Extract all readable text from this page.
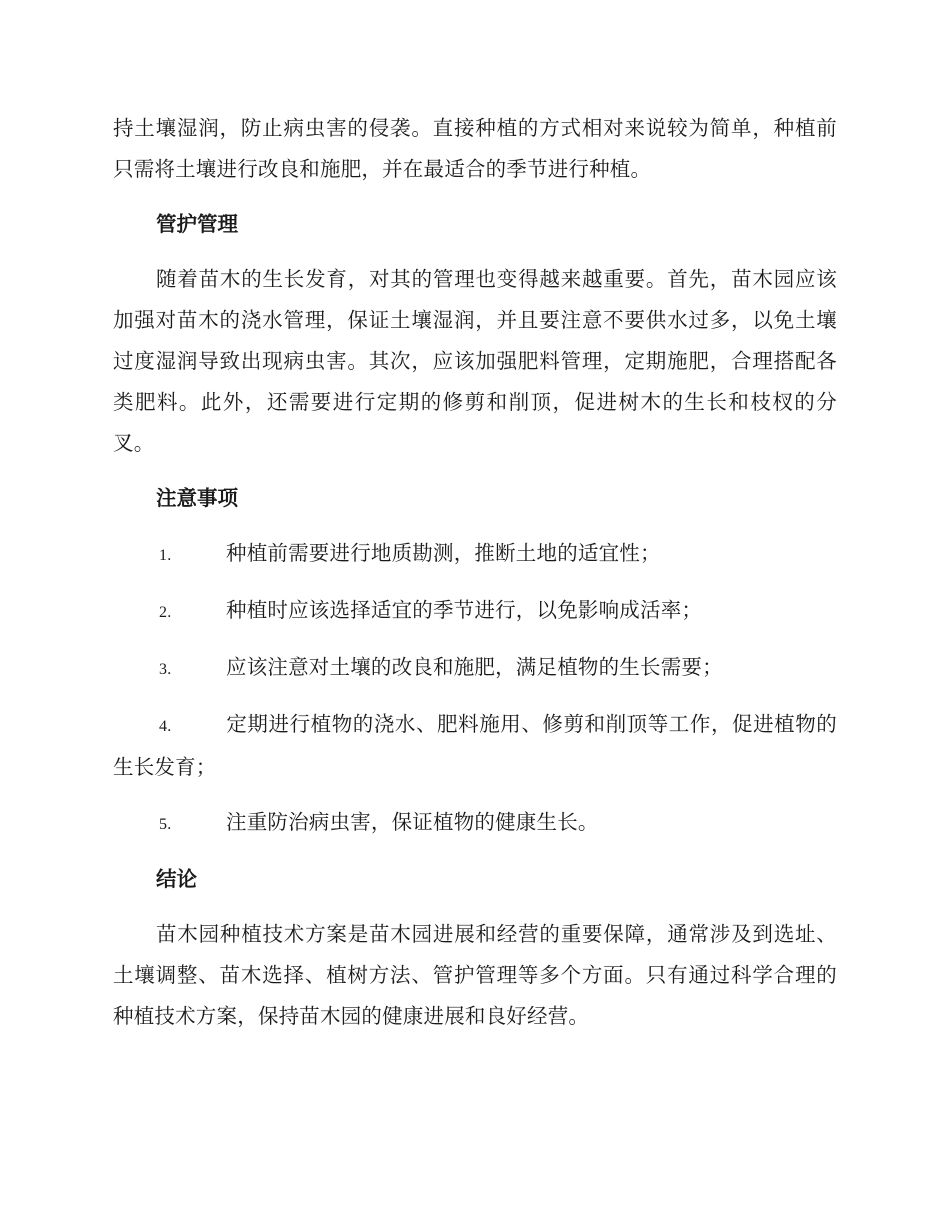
持土壤湿润，防止病虫害的侵袭。直接种植的方式相对来说较为简单，种植前只需将土壤进行改良和施肥，并在最适合的季节进行种植。

管护管理

随着苗木的生长发育，对其的管理也变得越来越重要。首先，苗木园应该加强对苗木的浇水管理，保证土壤湿润，并且要注意不要供水过多，以免土壤过度湿润导致出现病虫害。其次，应该加强肥料管理，定期施肥，合理搭配各类肥料。此外，还需要进行定期的修剪和削顶，促进树木的生长和枝杈的分叉。

注意事项
1.	种植前需要进行地质勘测，推断土地的适宜性；
2.	种植时应该选择适宜的季节进行，以免影响成活率；
3.	应该注意对土壤的改良和施肥，满足植物的生长需要；
4.	定期进行植物的浇水、肥料施用、修剪和削顶等工作，促进植物的生长发育；
5.	注重防治病虫害，保证植物的健康生长。
结论

苗木园种植技术方案是苗木园进展和经营的重要保障，通常涉及到选址、土壤调整、苗木选择、植树方法、管护管理等多个方面。只有通过科学合理的种植技术方案，保持苗木园的健康进展和良好经营。
